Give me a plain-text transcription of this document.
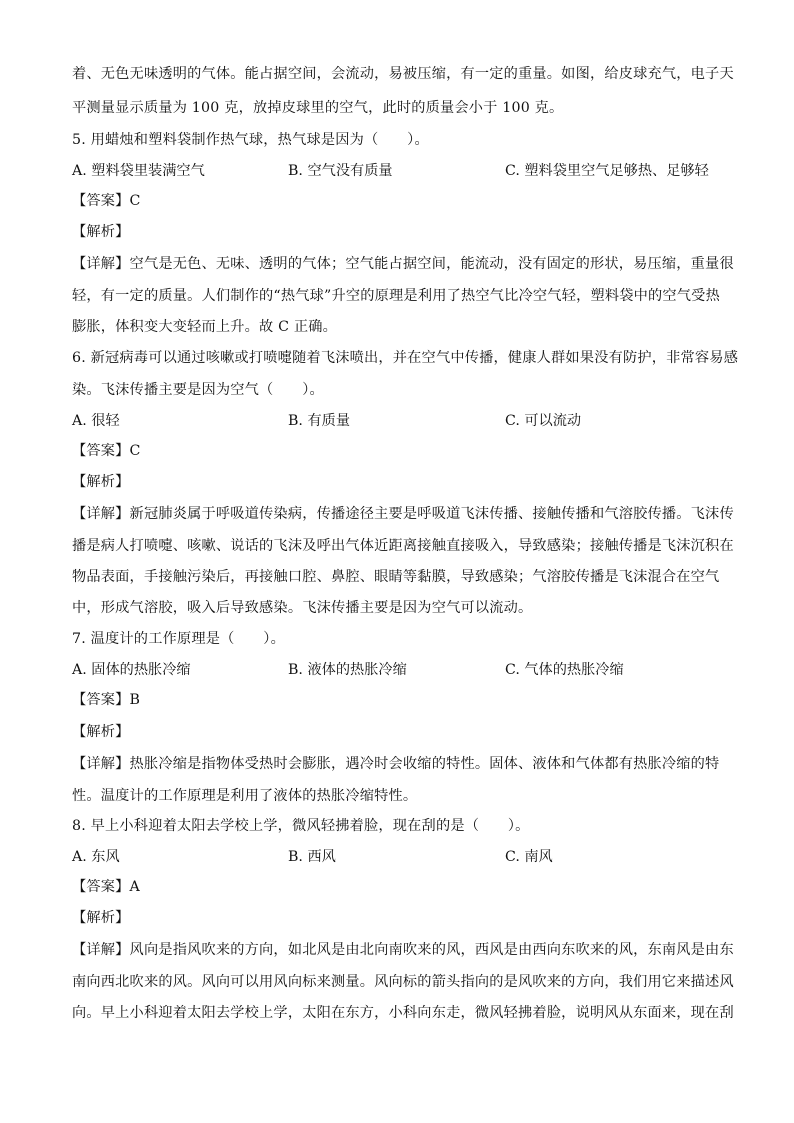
着、无色无味透明的气体。能占据空间，会流动，易被压缩，有一定的重量。如图，给皮球充气，电子天
平测量显示质量为 100 克，放掉皮球里的空气，此时的质量会小于 100 克。
5. 用蜡烛和塑料袋制作热气球，热气球是因为（　　）。
A. 塑料袋里装满空气	B. 空气没有质量	C. 塑料袋里空气足够热、足够轻
【答案】C
【解析】
【详解】空气是无色、无味、透明的气体；空气能占据空间，能流动，没有固定的形状，易压缩，重量很
轻，有一定的质量。人们制作的“热气球”升空的原理是利用了热空气比冷空气轻，塑料袋中的空气受热
膨胀，体积变大变轻而上升。故 C 正确。
6. 新冠病毒可以通过咳嗽或打喷嚏随着飞沫喷出，并在空气中传播，健康人群如果没有防护，非常容易感
染。飞沫传播主要是因为空气（　　）。
A. 很轻	B. 有质量	C. 可以流动
【答案】C
【解析】
【详解】新冠肺炎属于呼吸道传染病，传播途径主要是呼吸道飞沫传播、接触传播和气溶胶传播。飞沫传
播是病人打喷嚏、咳嗽、说话的飞沫及呼出气体近距离接触直接吸入，导致感染；接触传播是飞沫沉积在
物品表面，手接触污染后，再接触口腔、鼻腔、眼睛等黏膜，导致感染；气溶胶传播是飞沫混合在空气
中，形成气溶胶，吸入后导致感染。飞沫传播主要是因为空气可以流动。
7. 温度计的工作原理是（　　）。
A. 固体的热胀冷缩	B. 液体的热胀冷缩	C. 气体的热胀冷缩
【答案】B
【解析】
【详解】热胀冷缩是指物体受热时会膨胀，遇冷时会收缩的特性。固体、液体和气体都有热胀冷缩的特
性。温度计的工作原理是利用了液体的热胀冷缩特性。
8. 早上小科迎着太阳去学校上学，微风轻拂着脸，现在刮的是（　　）。
A. 东风	B. 西风	C. 南风
【答案】A
【解析】
【详解】风向是指风吹来的方向，如北风是由北向南吹来的风，西风是由西向东吹来的风，东南风是由东
南向西北吹来的风。风向可以用风向标来测量。风向标的箭头指向的是风吹来的方向，我们用它来描述风
向。早上小科迎着太阳去学校上学，太阳在东方，小科向东走，微风轻拂着脸，说明风从东面来，现在刮
